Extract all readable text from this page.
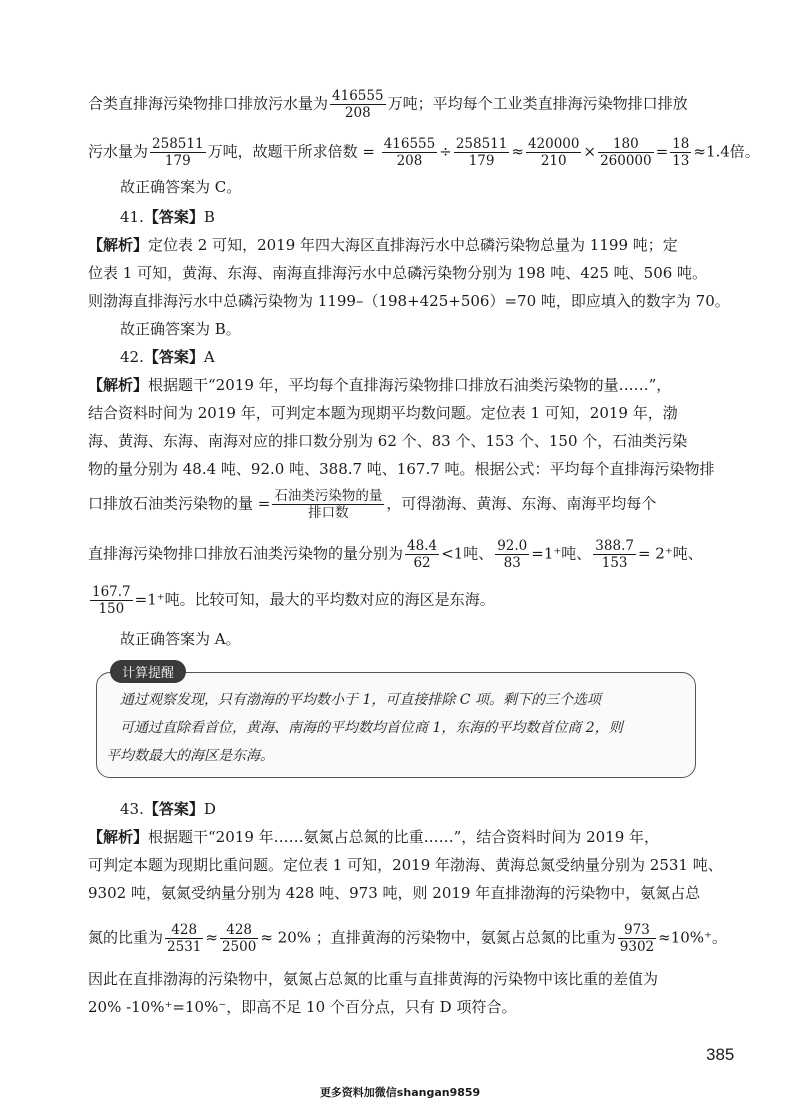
合类直排海污染物排口排放污水量为 $\frac{416555}{208}$ 万吨；平均每个工业类直排海污染物排口排放
污水量为 $\frac{258511}{179}$ 万吨，故题干所求倍数 = $\frac{416555}{208} \div \frac{258511}{179} \approx \frac{420000}{210} \times \frac{180}{260000} = \frac{18}{13} \approx 1.4$倍。
故正确答案为 C。
41.【答案】B
【解析】定位表 2 可知，2019 年四大海区直排海污水中总磷污染物总量为 1199 吨；定
位表 1 可知，黄海、东海、南海直排海污水中总磷污染物分别为 198 吨、425 吨、506 吨。
则渤海直排海污水中总磷污染物为 1199–（198+425+506）=70 吨，即应填入的数字为 70。
故正确答案为 B。
42.【答案】A
【解析】根据题干“2019 年，平均每个直排海污染物排口排放石油类污染物的量……”，
结合资料时间为 2019 年，可判定本题为现期平均数问题。定位表 1 可知，2019 年，渤
海、黄海、东海、南海对应的排口数分别为 62 个、83 个、153 个、150 个，石油类污染
物的量分别为 48.4 吨、92.0 吨、388.7 吨、167.7 吨。根据公式：平均每个直排海污染物排
口排放石油类污染物的量 = $\frac{\text{石油类污染物的量}}{\text{排口数}}$ ，可得渤海、黄海、东海、南海平均每个
直排海污染物排口排放石油类污染物的量分别为 $\frac{48.4}{62} <1$吨、 $\frac{92.0}{83} =1^+$吨、 $\frac{388.7}{153} = 2^+$吨、
$\frac{167.7}{150} =1^+$吨。比较可知，最大的平均数对应的海区是东海。
故正确答案为 A。
计算提醒
通过观察发现，只有渤海的平均数小于 1，可直接排除 C 项。剩下的三个选项
可通过直除看首位，黄海、南海的平均数均首位商 1，东海的平均数首位商 2，则
平均数最大的海区是东海。
43.【答案】D
【解析】根据题干“2019 年……氨氮占总氮的比重……”，结合资料时间为 2019 年，
可判定本题为现期比重问题。定位表 1 可知，2019 年渤海、黄海总氮受纳量分别为 2531 吨、
9302 吨，氨氮受纳量分别为 428 吨、973 吨，则 2019 年直排渤海的污染物中，氨氮占总
氮的比重为 $\frac{428}{2531} \approx \frac{428}{2500} \approx 20\%$ ；直排黄海的污染物中，氨氮占总氮的比重为 $\frac{973}{9302} \approx 10\%^+$。
因此在直排渤海的污染物中，氨氮占总氮的比重与直排黄海的污染物中该比重的差值为
20% -10%⁺=10%⁻，即高不足 10 个百分点，只有 D 项符合。
385
更多资料加微信shangan9859
